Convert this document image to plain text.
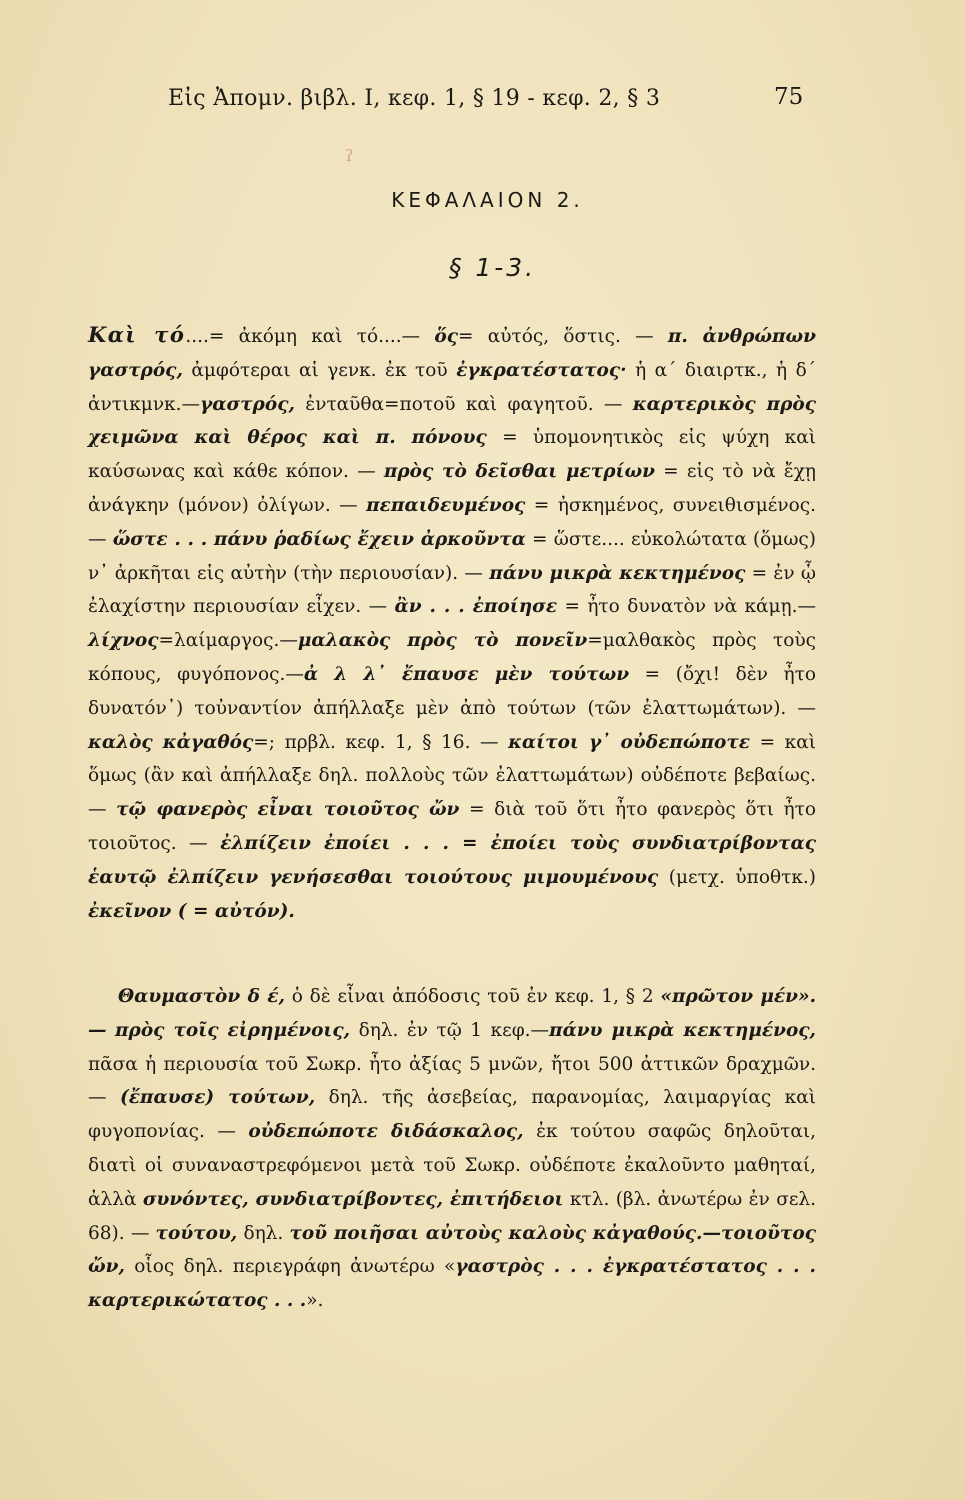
Εἰς Ἀπομν. βιβλ. I, κεφ. 1, § 19 - κεφ. 2, § 3	75
ΚΕΦΑΛΑΙΟΝ 2.
§ 1-3.
Καὶ τό....= ἀκόμη καὶ τό....— ὅς= αὐτός, ὅστις. — π. ἀνθρώπων γαστρός, ἀμφότεραι αἱ γενκ. ἐκ τοῦ ἐγκρατέστατος· ἡ α´ διαιρτκ., ἡ δ´ ἀντικμνκ.—γαστρός, ἐνταῦθα=ποτοῦ καὶ φαγητοῦ. — καρτερικὸς πρὸς χειμῶνα καὶ θέρος καὶ π. πόνους = ὑπομονητικὸς εἰς ψύχη καὶ καύσωνας καὶ κάθε κόπον. — πρὸς τὸ δεῖσθαι μετρίων = εἰς τὸ νὰ ἔχῃ ἀνάγκην (μόνον) ὀλίγων. — πεπαιδευμένος = ἠσκημένος, συνειθισμένος. — ὥστε . . . πάνυ ῥαδίως ἔχειν ἀρκοῦντα = ὥστε.... εὐκολώτατα (ὅμως) ν᾽ ἀρκῆται εἰς αὐτὴν (τὴν περιουσίαν). — πάνυ μικρὰ κεκτημένος = ἐν ᾧ ἐλαχίστην περιουσίαν εἶχεν. — ἂν . . . ἐποίησε = ἦτο δυνατὸν νὰ κάμῃ.—λίχνος=λαίμαργος.—μαλακὸς πρὸς τὸ πονεῖν=μαλθακὸς πρὸς τοὺς κόπους, φυγόπονος.—ἀ λ λ᾽ ἔπαυσε μὲν τούτων = (ὄχι! δὲν ἦτο δυνατόν᾽) τοὐναντίον ἀπήλλαξε μὲν ἀπὸ τούτων (τῶν ἐλαττωμάτων). — καλὸς κἀγαθός=; πρβλ. κεφ. 1, § 16. — καίτοι γ᾽ οὐδεπώποτε = καὶ ὅμως (ἂν καὶ ἀπήλλαξε δηλ. πολλοὺς τῶν ἐλαττωμάτων) οὐδέποτε βεβαίως. — τῷ φανερὸς εἶναι τοιοῦτος ὤν = διὰ τοῦ ὅτι ἦτο φανερὸς ὅτι ἦτο τοιοῦτος. — ἐλπίζειν ἐποίει . . . = ἐποίει τοὺς συνδιατρίβοντας ἑαυτῷ ἐλπίζειν γενήσεσθαι τοιούτους μιμουμένους (μετχ. ὑποθτκ.) ἐκεῖνον ( = αὐτόν).
Θαυμαστὸν δ έ, ὁ δὲ εἶναι ἀπόδοσις τοῦ ἐν κεφ. 1, § 2 «πρῶτον μέν». — πρὸς τοῖς εἰρημένοις, δηλ. ἐν τῷ 1 κεφ.—πάνυ μικρὰ κεκτημένος, πᾶσα ἡ περιουσία τοῦ Σωκρ. ἦτο ἀξίας 5 μνῶν, ἤτοι 500 ἀττικῶν δραχμῶν. — (ἔπαυσε) τούτων, δηλ. τῆς ἀσεβείας, παρανομίας, λαιμαργίας καὶ φυγοπονίας. — οὐδεπώποτε διδάσκαλος, ἐκ τούτου σαφῶς δηλοῦται, διατὶ οἱ συναναστρεφόμενοι μετὰ τοῦ Σωκρ. οὐδέποτε ἐκαλοῦντο μαθηταί, ἀλλὰ συνόντες, συνδιατρίβοντες, ἐπιτήδειοι κτλ. (βλ. ἀνωτέρω ἐν σελ. 68). — τούτου, δηλ. τοῦ ποιῆσαι αὐτοὺς καλοὺς κἀγαθούς.—τοιοῦτος ὤν, οἷος δηλ. περιεγράφη ἀνωτέρω «γαστρὸς . . . ἐγκρατέστατος . . . καρτερικώτατος . . .».
ʔ
